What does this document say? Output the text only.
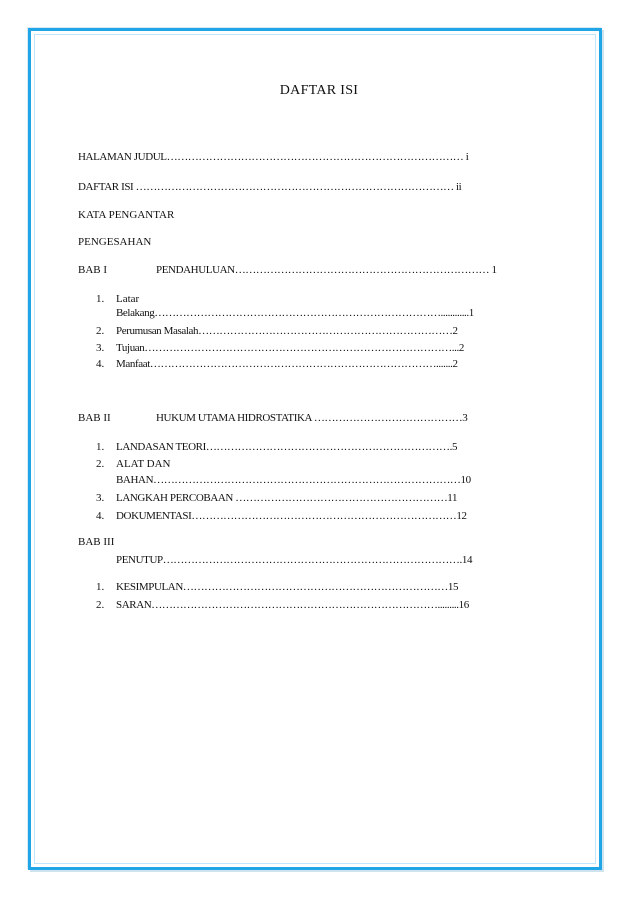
DAFTAR ISI
HALAMAN JUDUL………………………………………………………………………… i
DAFTAR ISI ……………………………………………………………………………… ii
KATA PENGANTAR
PENGESAHAN
BAB I	PENDAHULUAN……………………………………………………………… 1
1. Latar
Belakang………………………………………………………………………............1
2. Perumusan Masalah………………………………………………………………2
3. Tujuan……………………………………………………………………………...2
4. Manfaat……………………………………………………………………….......2
BAB II	HUKUM UTAMA HIDROSTATIKA ……………………………………3
1. LANDASAN TEORI…………………………………………………………….5
2. ALAT DAN
BAHAN……………………………………………………………………………10
3. LANGKAH PERCOBAAN ……………………………………………………11
4. DOKUMENTASI…………………………………………………………………12
BAB III
PENUTUP………………………………………………………………………….14
1. KESIMPULAN…………………………………………………………………15
2. SARAN……………………………………………………………………….........16
